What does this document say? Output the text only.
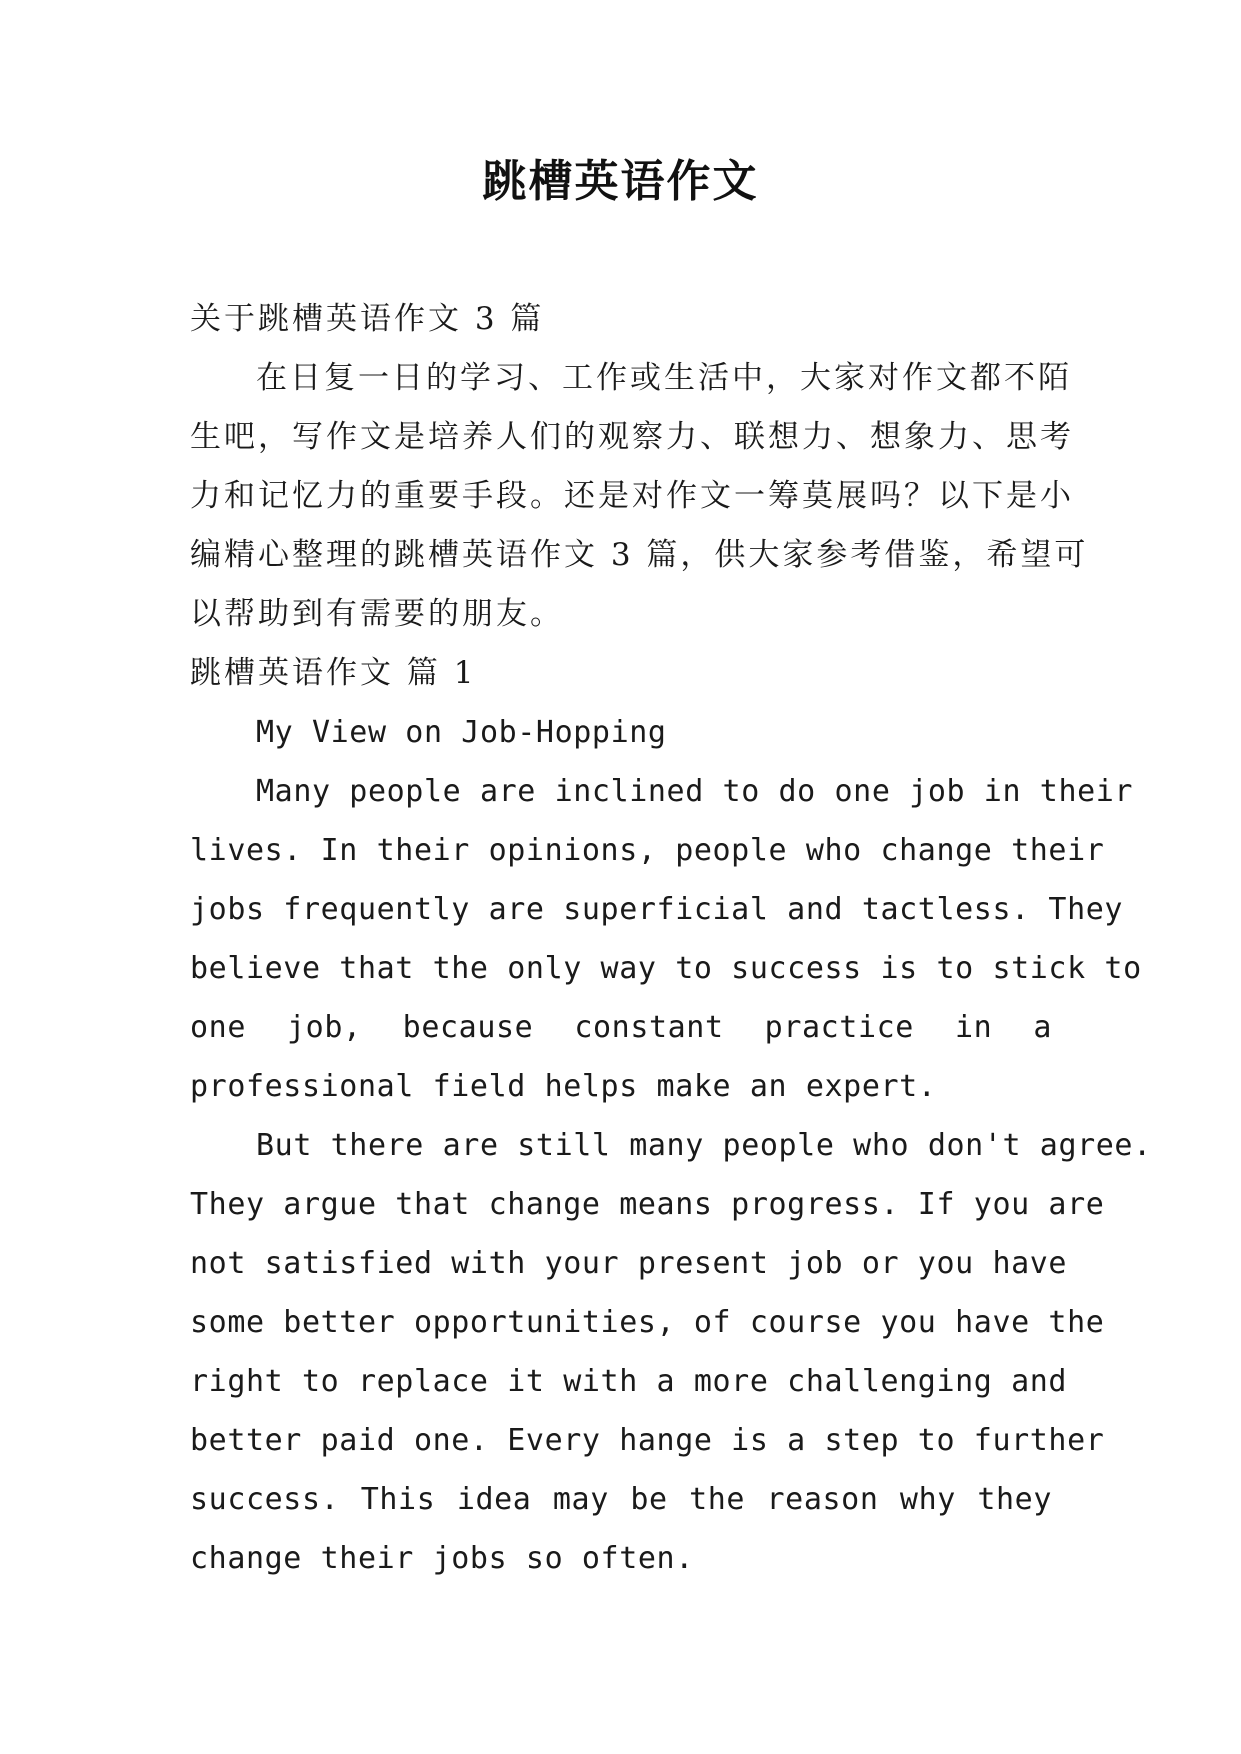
跳槽英语作文
关于跳槽英语作文 3 篇
在日复一日的学习、工作或生活中，大家对作文都不陌
生吧，写作文是培养人们的观察力、联想力、想象力、思考
力和记忆力的重要手段。还是对作文一筹莫展吗？以下是小
编精心整理的跳槽英语作文 3 篇，供大家参考借鉴，希望可
以帮助到有需要的朋友。
跳槽英语作文 篇 1
My View on Job-Hopping
Many people are inclined to do one job in their
lives. In their opinions, people who change their
jobs frequently are superficial and tactless. They
believe that the only way to success is to stick to
one job, because constant practice in a
professional field helps make an expert.
But there are still many people who don't agree.
They argue that change means progress. If you are
not satisfied with your present job or you have
some better opportunities, of course you have the
right to replace it with a more challenging and
better paid one. Every hange is a step to further
success. This idea may be the reason why they
change their jobs so often.
